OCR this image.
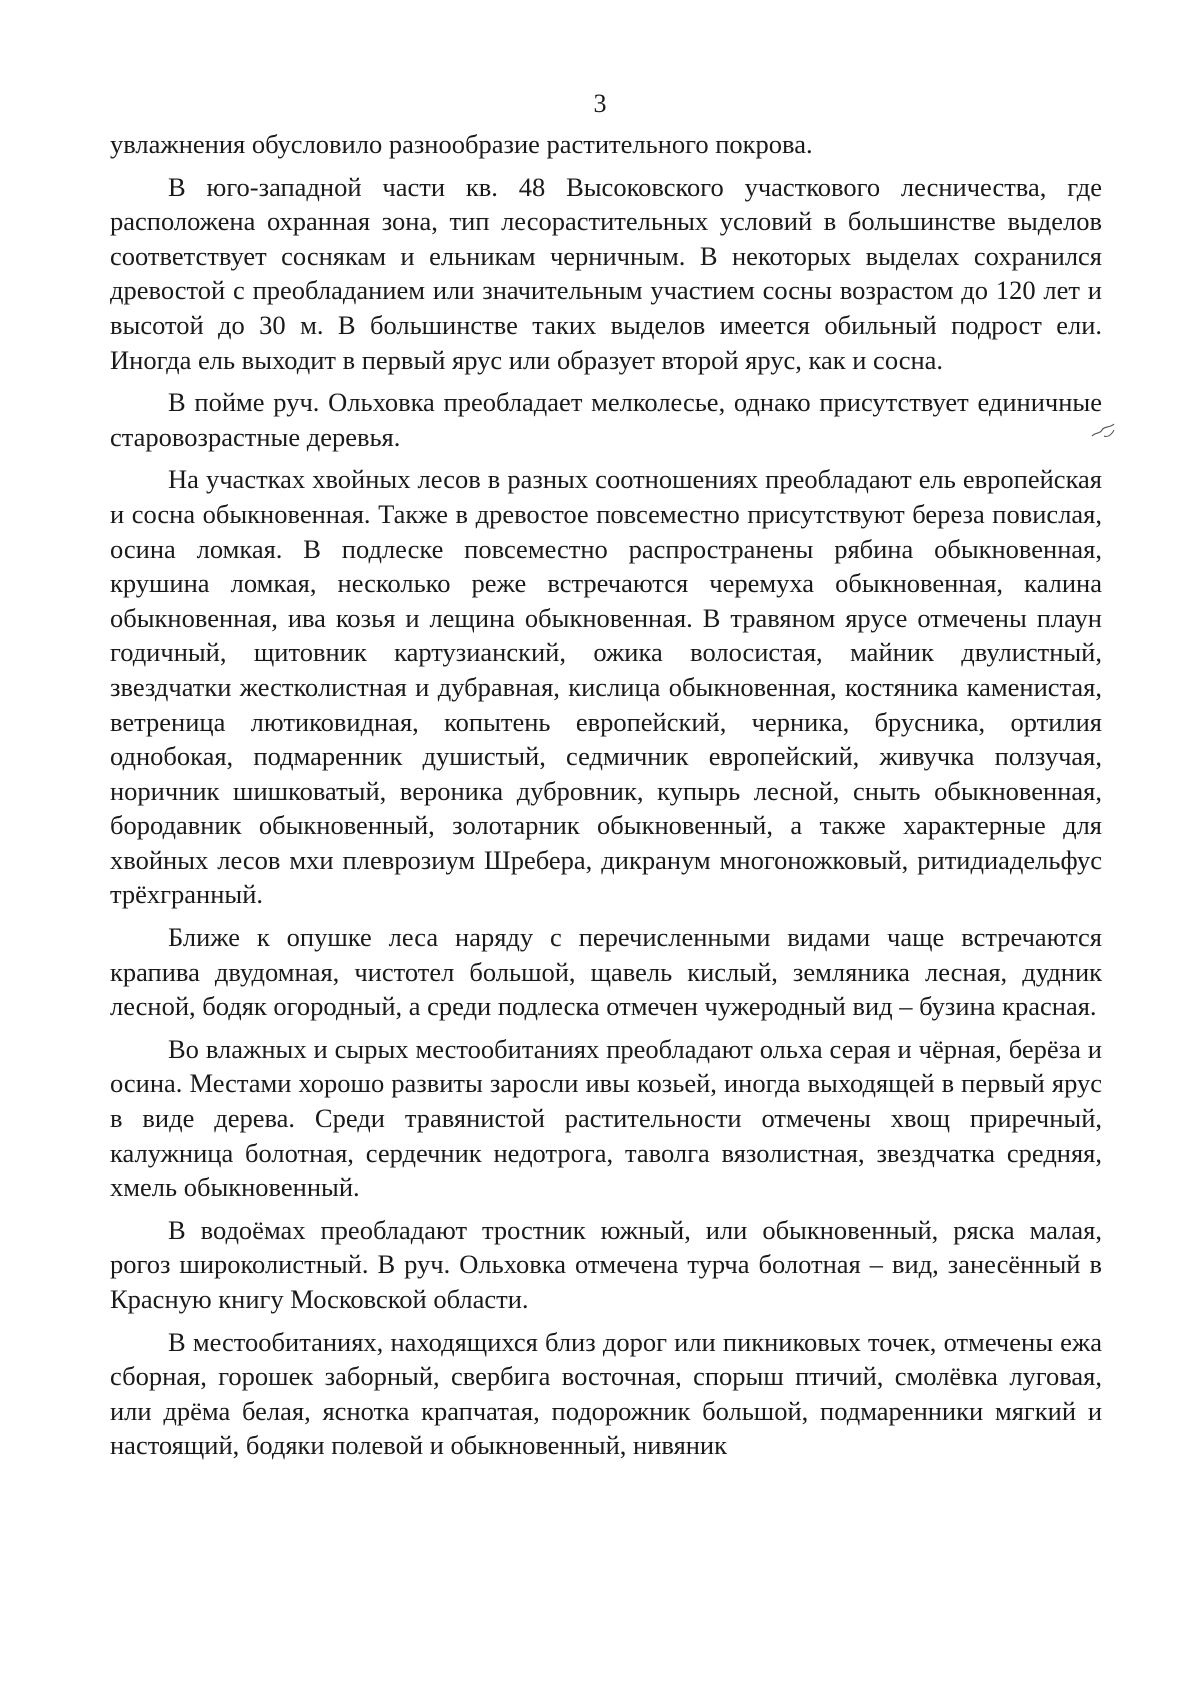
3

увлажнения обусловило разнообразие растительного покрова.

В юго-западной части кв. 48 Высоковского участкового лесничества, где расположена охранная зона, тип лесорастительных условий в большинстве выделов соответствует соснякам и ельникам черничным. В некоторых выделах сохранился древостой с преобладанием или значительным участием сосны возрастом до 120 лет и высотой до 30 м. В большинстве таких выделов имеется обильный подрост ели. Иногда ель выходит в первый ярус или образует второй ярус, как и сосна.

В пойме руч. Ольховка преобладает мелколесье, однако присутствует единичные старовозрастные деревья.

На участках хвойных лесов в разных соотношениях преобладают ель европейская и сосна обыкновенная. Также в древостое повсеместно присутствуют береза повислая, осина ломкая. В подлеске повсеместно распространены рябина обыкновенная, крушина ломкая, несколько реже встречаются черемуха обыкновенная, калина обыкновенная, ива козья и лещина обыкновенная. В травяном ярусе отмечены плаун годичный, щитовник картузианский, ожика волосистая, майник двулистный, звездчатки жестколистная и дубравная, кислица обыкновенная, костяника каменистая, ветреница лютиковидная, копытень европейский, черника, брусника, ортилия однобокая, подмаренник душистый, седмичник европейский, живучка ползучая, норичник шишковатый, вероника дубровник, купырь лесной, сныть обыкновенная, бородавник обыкновенный, золотарник обыкновенный, а также характерные для хвойных лесов мхи плеврозиум Шребера, дикранум многоножковый, ритидиадельфус трёхгранный.

Ближе к опушке леса наряду с перечисленными видами чаще встречаются крапива двудомная, чистотел большой, щавель кислый, земляника лесная, дудник лесной, бодяк огородный, а среди подлеска отмечен чужеродный вид – бузина красная.

Во влажных и сырых местообитаниях преобладают ольха серая и чёрная, берёза и осина. Местами хорошо развиты заросли ивы козьей, иногда выходящей в первый ярус в виде дерева. Среди травянистой растительности отмечены хвощ приречный, калужница болотная, сердечник недотрога, таволга вязолистная, звездчатка средняя, хмель обыкновенный.

В водоёмах преобладают тростник южный, или обыкновенный, ряска малая, рогоз широколистный. В руч. Ольховка отмечена турча болотная – вид, занесённый в Красную книгу Московской области.

В местообитаниях, находящихся близ дорог или пикниковых точек, отмечены ежа сборная, горошек заборный, свербига восточная, спорыш птичий, смолёвка луговая, или дрёма белая, яснотка крапчатая, подорожник большой, подмаренники мягкий и настоящий, бодяки полевой и обыкновенный, нивяник
